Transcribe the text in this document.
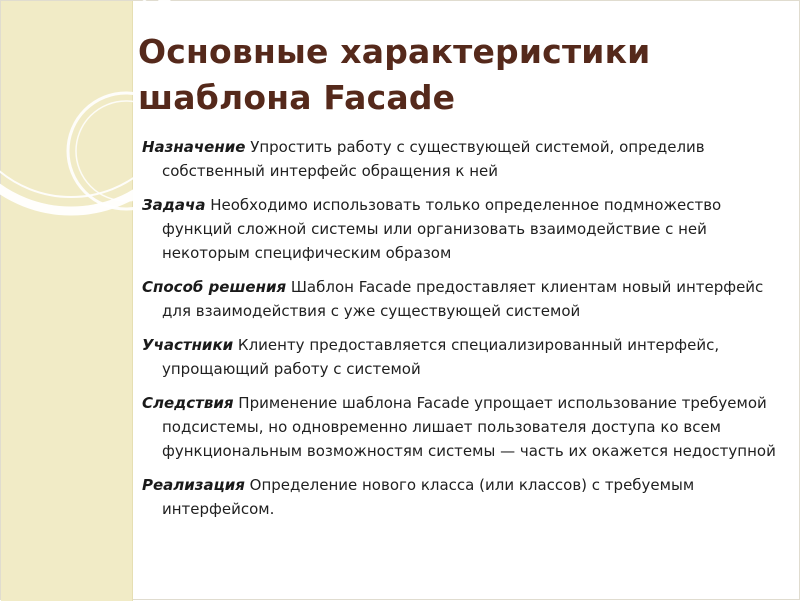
Основные характеристики
шаблона Facade
Назначение Упростить работу с существующей системой, определив собственный интерфейс обращения к ней
Задача Необходимо использовать только определенное подмножество функций сложной системы или организовать взаимодействие с ней некоторым специфическим образом
Способ решения Шаблон Facade предоставляет клиентам новый интерфейс для взаимодействия с уже существующей системой
Участники Клиенту предоставляется специализированный интерфейс, упрощающий работу с системой
Следствия Применение шаблона Facade упрощает использование требуемой подсистемы, но одновременно лишает пользователя доступа ко всем функциональным возможностям системы — часть их окажется недоступной
Реализация Определение нового класса (или классов) с требуемым интерфейсом.
